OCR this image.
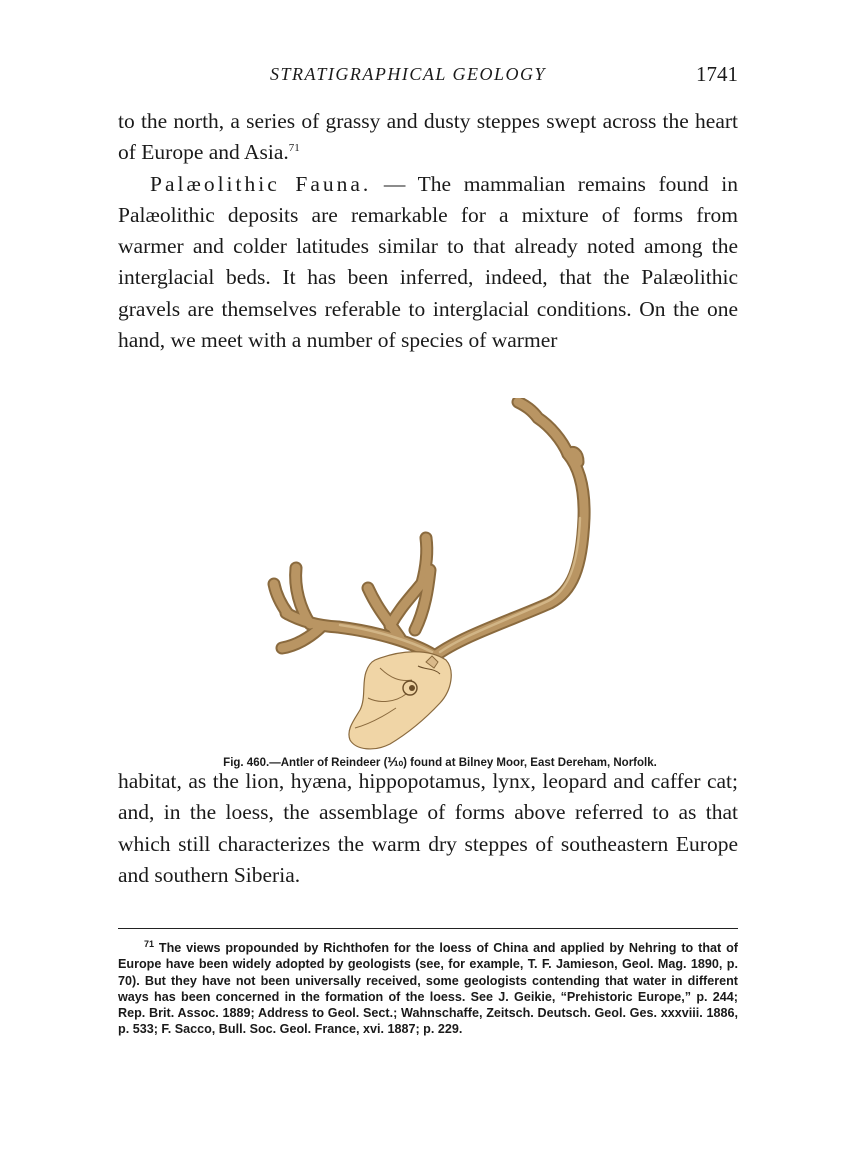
STRATIGRAPHICAL GEOLOGY	1741

to the north, a series of grassy and dusty steppes swept across the heart of Europe and Asia.$^{71}$

Palæolithic Fauna. — The mammalian remains found in Palæolithic deposits are remarkable for a mixture of forms from warmer and colder latitudes similar to that already noted among the interglacial beds. It has been inferred, indeed, that the Palæolithic gravels are themselves referable to interglacial conditions. On the one hand, we meet with a number of species of warmer

Fig. 460.—Antler of Reindeer (⅒) found at Bilney Moor, East Dereham, Norfolk.

habitat, as the lion, hyæna, hippopotamus, lynx, leopard and caffer cat; and, in the loess, the assemblage of forms above referred to as that which still characterizes the warm dry steppes of southeastern Europe and southern Siberia.

$^{71}$ The views propounded by Richthofen for the loess of China and applied by Nehring to that of Europe have been widely adopted by geologists (see, for example, T. F. Jamieson, Geol. Mag. 1890, p. 70). But they have not been universally received, some geologists contending that water in different ways has been concerned in the formation of the loess. See J. Geikie, “Prehistoric Europe,” p. 244; Rep. Brit. Assoc. 1889; Address to Geol. Sect.; Wahnschaffe, Zeitsch. Deutsch. Geol. Ges. xxxviii. 1886, p. 533; F. Sacco, Bull. Soc. Geol. France, xvi. 1887; p. 229.
